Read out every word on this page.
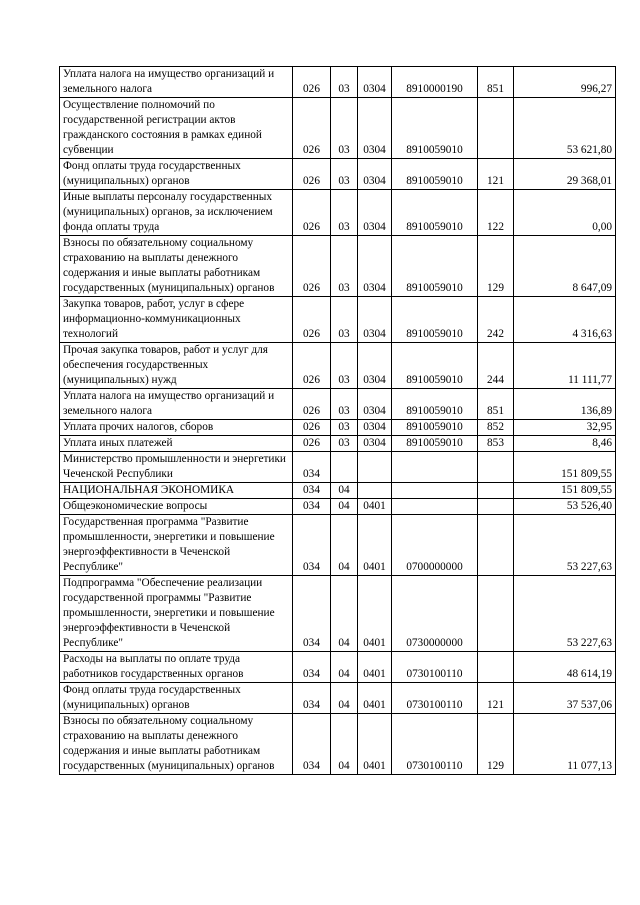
Уплата налога на имущество организаций и земельного налога	026	03	0304	8910000190	851	996,27
Осуществление полномочий по государственной регистрации актов гражданского состояния в рамках единой субвенции	026	03	0304	8910059010		53 621,80
Фонд оплаты труда государственных (муниципальных) органов	026	03	0304	8910059010	121	29 368,01
Иные выплаты персоналу государственных (муниципальных) органов, за исключением фонда оплаты труда	026	03	0304	8910059010	122	0,00
Взносы по обязательному социальному страхованию на выплаты денежного содержания и иные выплаты работникам государственных (муниципальных) органов	026	03	0304	8910059010	129	8 647,09
Закупка товаров, работ, услуг в сфере информационно-коммуникационных технологий	026	03	0304	8910059010	242	4 316,63
Прочая закупка товаров, работ и услуг для обеспечения государственных (муниципальных) нужд	026	03	0304	8910059010	244	11 111,77
Уплата налога на имущество организаций и земельного налога	026	03	0304	8910059010	851	136,89
Уплата прочих налогов, сборов	026	03	0304	8910059010	852	32,95
Уплата иных платежей	026	03	0304	8910059010	853	8,46
Министерство промышленности и энергетики Чеченской Республики	034					151 809,55
НАЦИОНАЛЬНАЯ ЭКОНОМИКА	034	04				151 809,55
Общеэкономические вопросы	034	04	0401			53 526,40
Государственная программа "Развитие промышленности, энергетики и повышение энергоэффективности в Чеченской Республике"	034	04	0401	0700000000		53 227,63
Подпрограмма "Обеспечение реализации государственной программы "Развитие промышленности, энергетики и повышение энергоэффективности в Чеченской Республике"	034	04	0401	0730000000		53 227,63
Расходы на выплаты по оплате труда работников государственных органов	034	04	0401	0730100110		48 614,19
Фонд оплаты труда государственных (муниципальных) органов	034	04	0401	0730100110	121	37 537,06
Взносы по обязательному социальному страхованию на выплаты денежного содержания и иные выплаты работникам государственных (муниципальных) органов	034	04	0401	0730100110	129	11 077,13
